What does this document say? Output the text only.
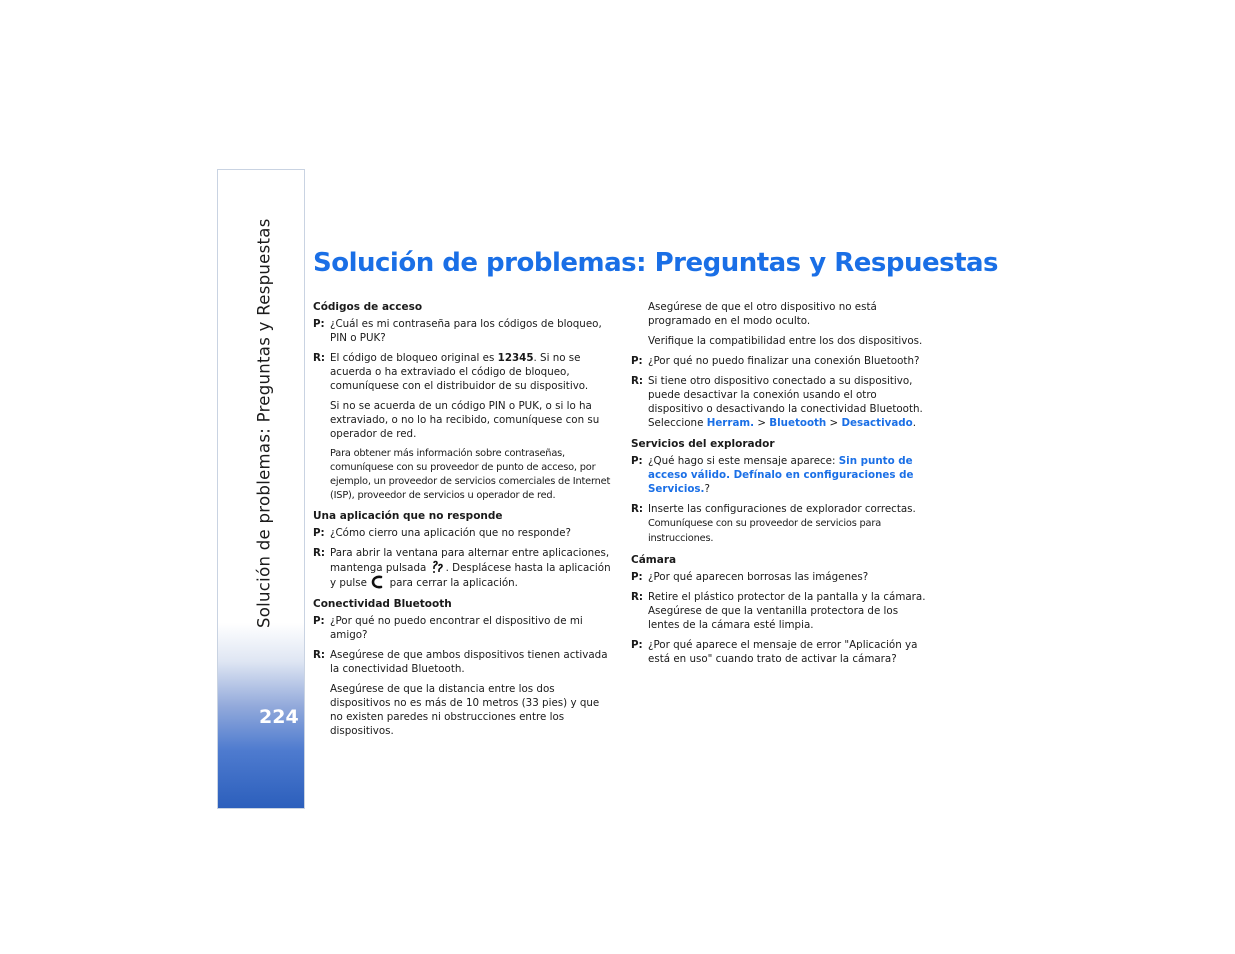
Solución de problemas: Preguntas y Respuestas
224
Solución de problemas: Preguntas y Respuestas
Códigos de acceso
P: ¿Cuál es mi contraseña para los códigos de bloqueo, PIN o PUK?
R: El código de bloqueo original es 12345. Si no se acuerda o ha extraviado el código de bloqueo, comuníquese con el distribuidor de su dispositivo.
Si no se acuerda de un código PIN o PUK, o si lo ha extraviado, o no lo ha recibido, comuníquese con su operador de red.
Para obtener más información sobre contraseñas, comuníquese con su proveedor de punto de acceso, por ejemplo, un proveedor de servicios comerciales de Internet (ISP), proveedor de servicios u operador de red.
Una aplicación que no responde
P: ¿Cómo cierro una aplicación que no responde?
R: Para abrir la ventana para alternar entre aplicaciones, mantenga pulsada . Desplácese hasta la aplicación y pulse para cerrar la aplicación.
Conectividad Bluetooth
P: ¿Por qué no puedo encontrar el dispositivo de mi amigo?
R: Asegúrese de que ambos dispositivos tienen activada la conectividad Bluetooth.
Asegúrese de que la distancia entre los dos dispositivos no es más de 10 metros (33 pies) y que no existen paredes ni obstrucciones entre los dispositivos.
Asegúrese de que el otro dispositivo no está programado en el modo oculto.
Verifique la compatibilidad entre los dos dispositivos.
P: ¿Por qué no puedo finalizar una conexión Bluetooth?
R: Si tiene otro dispositivo conectado a su dispositivo, puede desactivar la conexión usando el otro dispositivo o desactivando la conectividad Bluetooth. Seleccione Herram. > Bluetooth > Desactivado.
Servicios del explorador
P: ¿Qué hago si este mensaje aparece: Sin punto de acceso válido. Defínalo en configuraciones de Servicios.?
R: Inserte las configuraciones de explorador correctas.
Comuníquese con su proveedor de servicios para instrucciones.
Cámara
P: ¿Por qué aparecen borrosas las imágenes?
R: Retire el plástico protector de la pantalla y la cámara. Asegúrese de que la ventanilla protectora de los lentes de la cámara esté limpia.
P: ¿Por qué aparece el mensaje de error "Aplicación ya está en uso" cuando trato de activar la cámara?
